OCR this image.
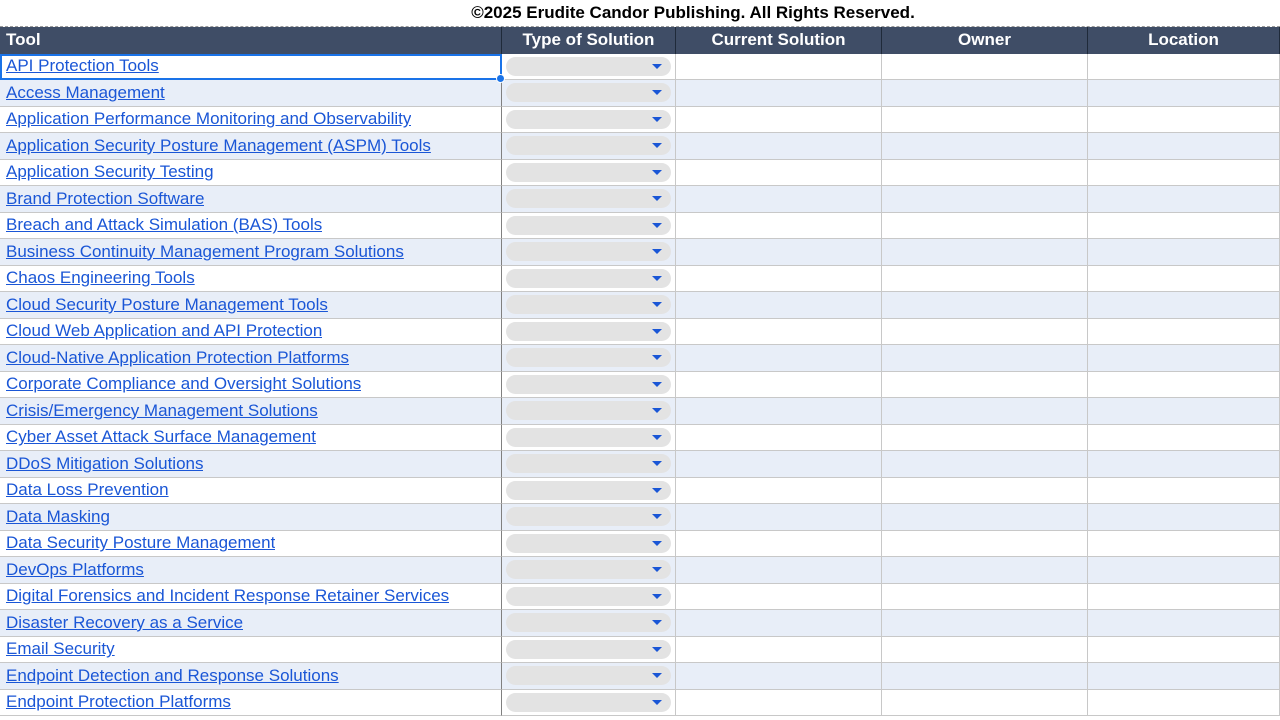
©2025 Erudite Candor Publishing. All Rights Reserved.
Tool	Type of Solution	Current Solution	Owner	Location
API Protection Tools
Access Management
Application Performance Monitoring and Observability
Application Security Posture Management (ASPM) Tools
Application Security Testing
Brand Protection Software
Breach and Attack Simulation (BAS) Tools
Business Continuity Management Program Solutions
Chaos Engineering Tools
Cloud Security Posture Management Tools
Cloud Web Application and API Protection
Cloud-Native Application Protection Platforms
Corporate Compliance and Oversight Solutions
Crisis/Emergency Management Solutions
Cyber Asset Attack Surface Management
DDoS Mitigation Solutions
Data Loss Prevention
Data Masking
Data Security Posture Management
DevOps Platforms
Digital Forensics and Incident Response Retainer Services
Disaster Recovery as a Service
Email Security
Endpoint Detection and Response Solutions
Endpoint Protection Platforms
